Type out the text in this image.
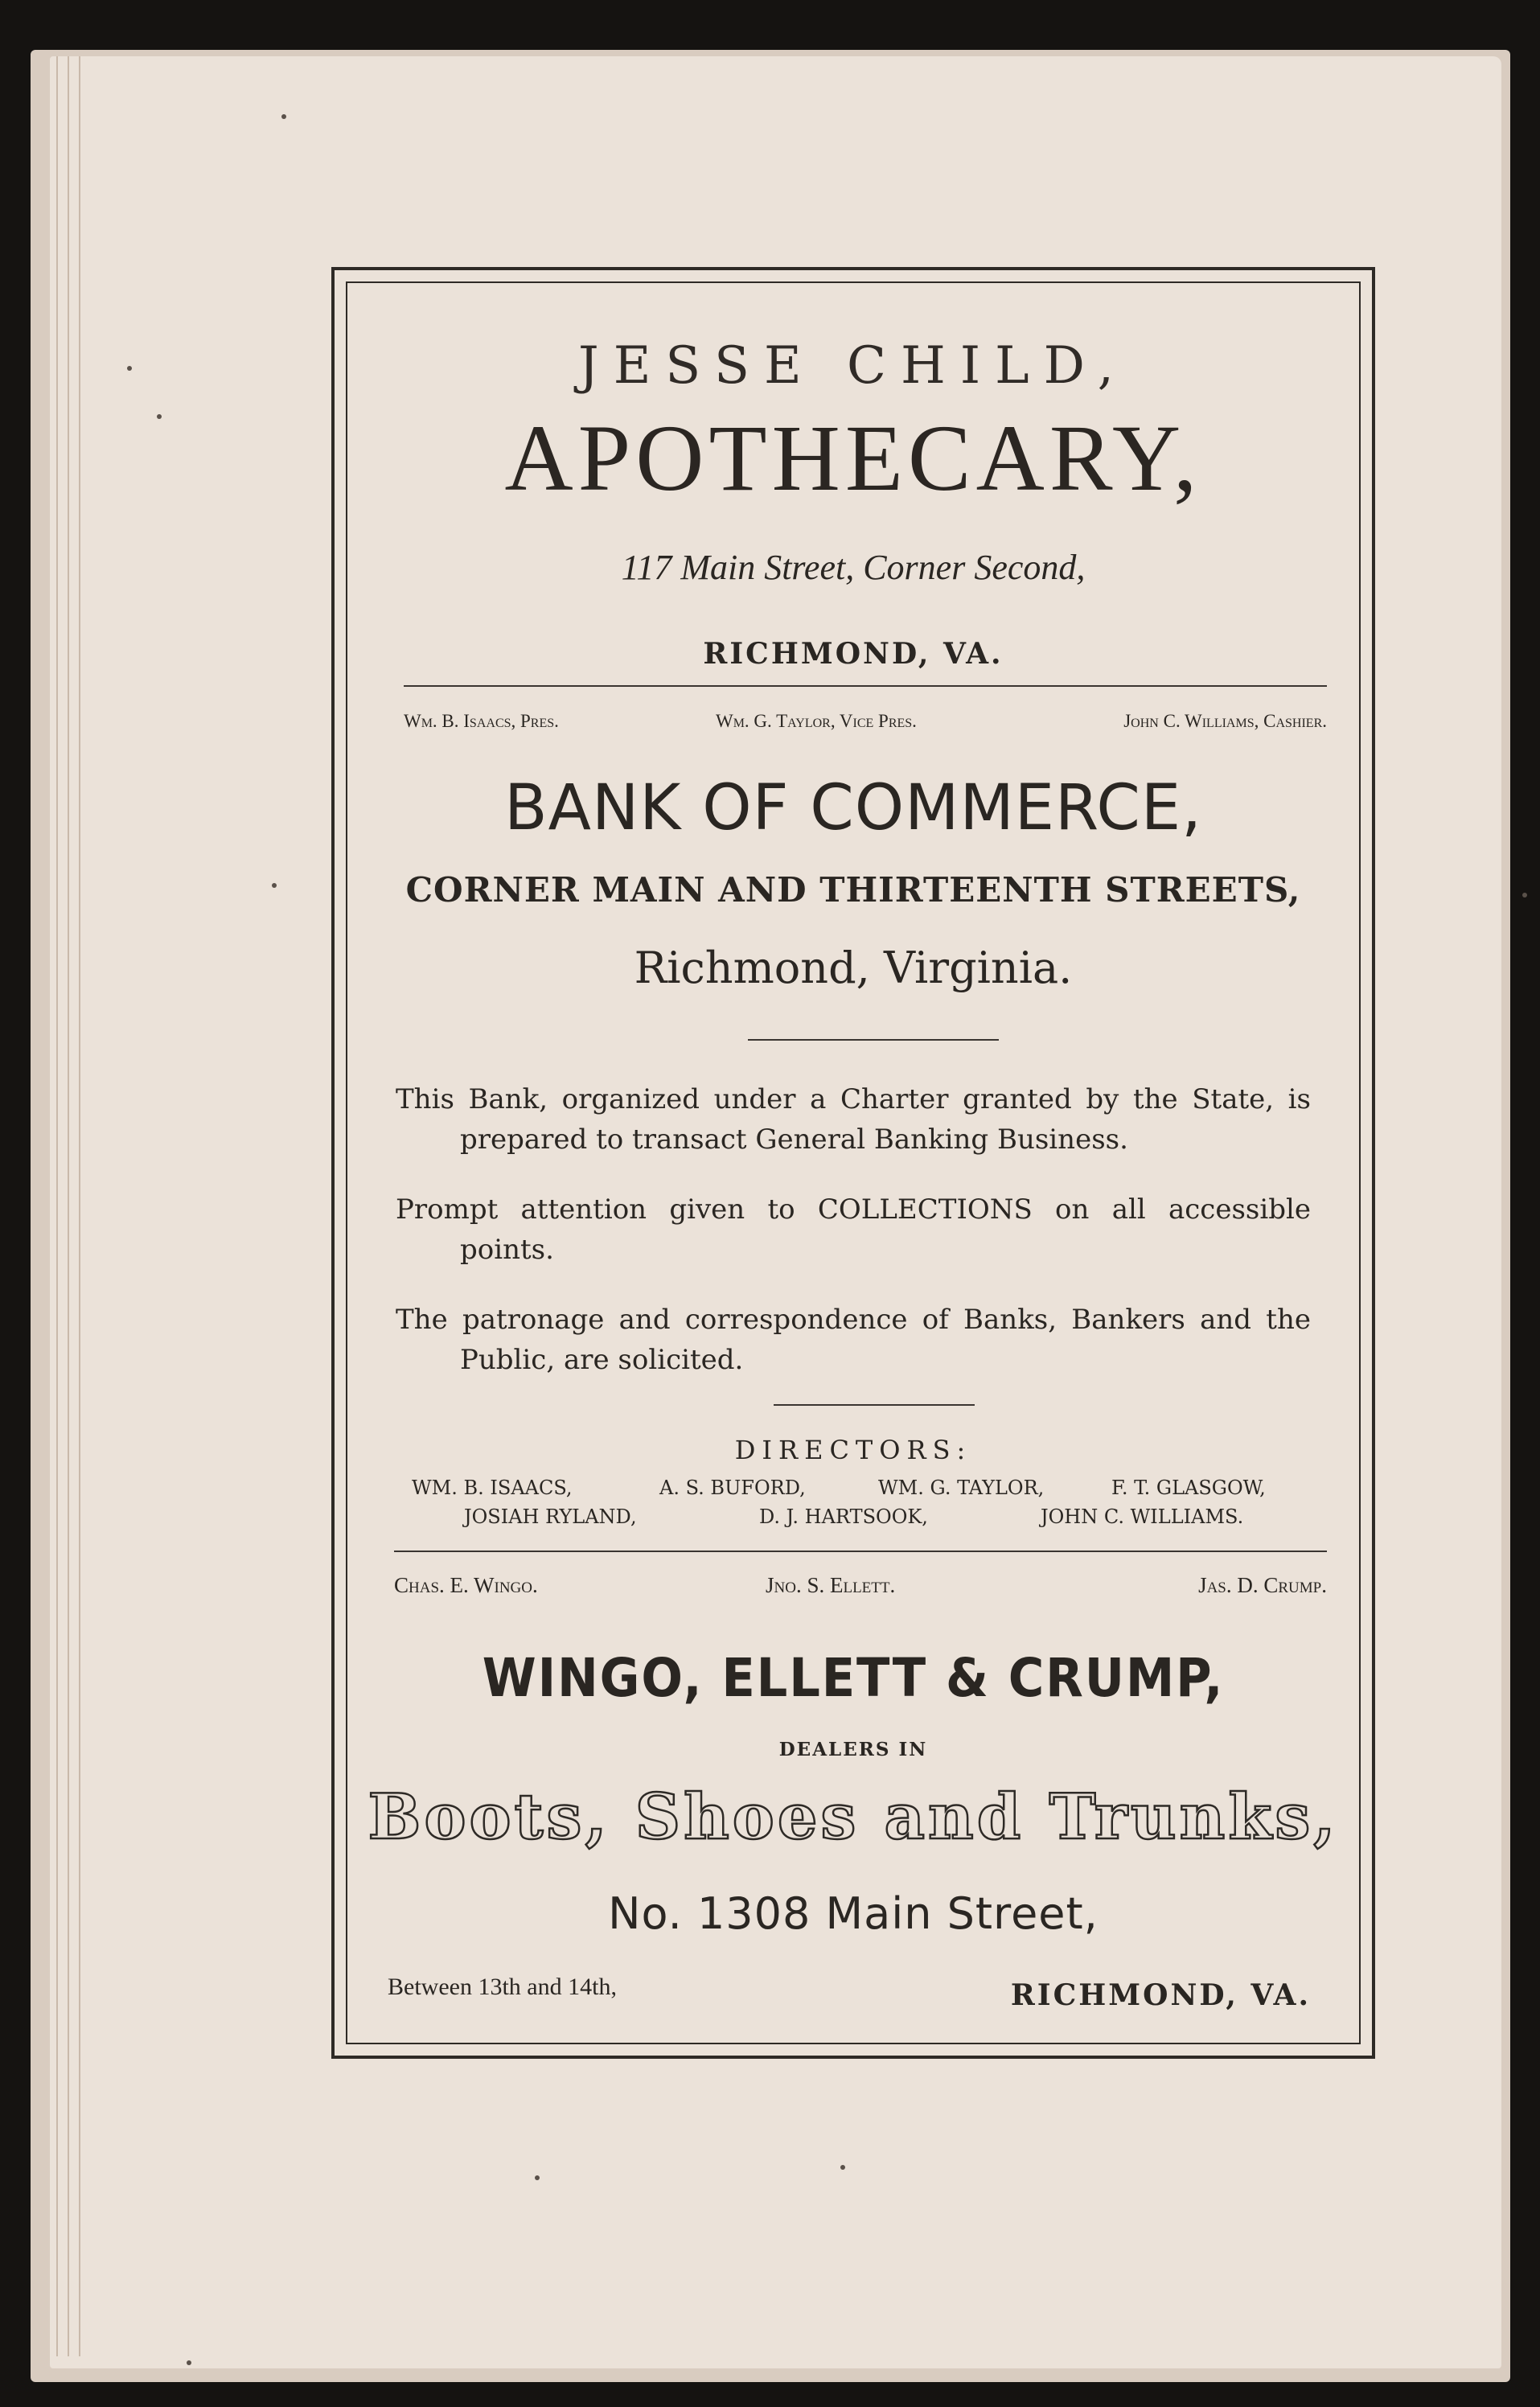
JESSE CHILD,
APOTHECARY,
117 Main Street, Corner Second,
RICHMOND, VA.
Wm. B. Isaacs, Pres.	Wm. G. Taylor, Vice Pres.	John C. Williams, Cashier.
BANK OF COMMERCE,
CORNER MAIN AND THIRTEENTH STREETS,
Richmond, Virginia.
This Bank, organized under a Charter granted by the State, is prepared to transact General Banking Business.
Prompt attention given to COLLECTIONS on all accessible points.
The patronage and correspondence of Banks, Bankers and the Public, are solicited.
DIRECTORS:
WM. B. ISAACS,	A. S. BUFORD,	WM. G. TAYLOR,	F. T. GLASGOW,
JOSIAH RYLAND,	D. J. HARTSOOK,	JOHN C. WILLIAMS.
Chas. E. Wingo.	Jno. S. Ellett.	Jas. D. Crump.
WINGO, ELLETT & CRUMP,
DEALERS IN
Boots, Shoes and Trunks,
No. 1308 Main Street,
Between 13th and 14th,	RICHMOND, VA.
